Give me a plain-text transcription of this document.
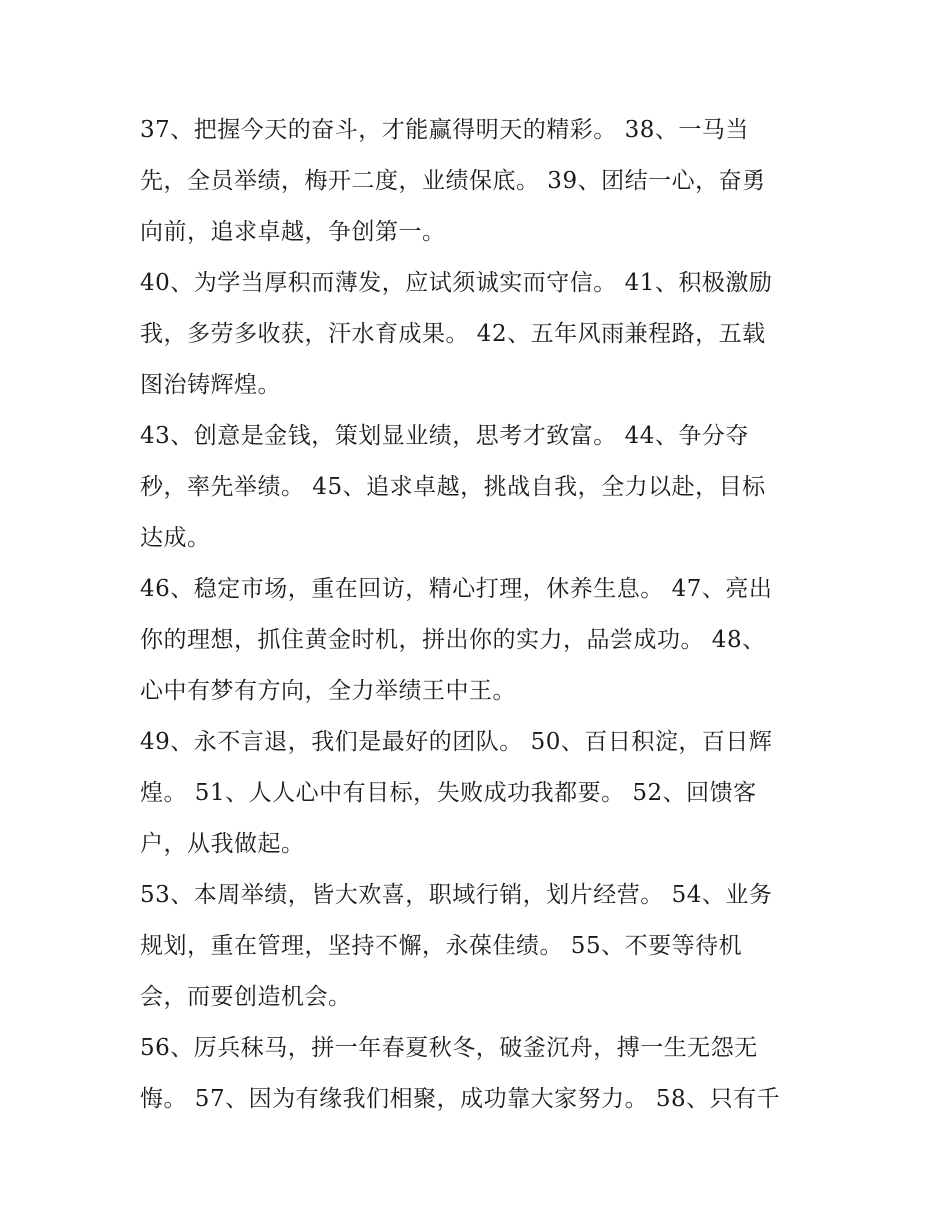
37、把握今天的奋斗，才能赢得明天的精彩。 38、一马当
先，全员举绩，梅开二度，业绩保底。 39、团结一心，奋勇
向前，追求卓越，争创第一。
40、为学当厚积而薄发，应试须诚实而守信。 41、积极激励
我，多劳多收获，汗水育成果。 42、五年风雨兼程路，五载
图治铸辉煌。
43、创意是金钱，策划显业绩，思考才致富。 44、争分夺
秒，率先举绩。 45、追求卓越，挑战自我，全力以赴，目标
达成。
46、稳定市场，重在回访，精心打理，休养生息。 47、亮出
你的理想，抓住黄金时机，拼出你的实力，品尝成功。 48、
心中有梦有方向，全力举绩王中王。
49、永不言退，我们是最好的团队。 50、百日积淀，百日辉
煌。 51、人人心中有目标，失败成功我都要。 52、回馈客
户，从我做起。
53、本周举绩，皆大欢喜，职域行销，划片经营。 54、业务
规划，重在管理，坚持不懈，永葆佳绩。 55、不要等待机
会，而要创造机会。
56、厉兵秣马，拼一年春夏秋冬，破釜沉舟，搏一生无怨无
悔。 57、因为有缘我们相聚，成功靠大家努力。 58、只有千
